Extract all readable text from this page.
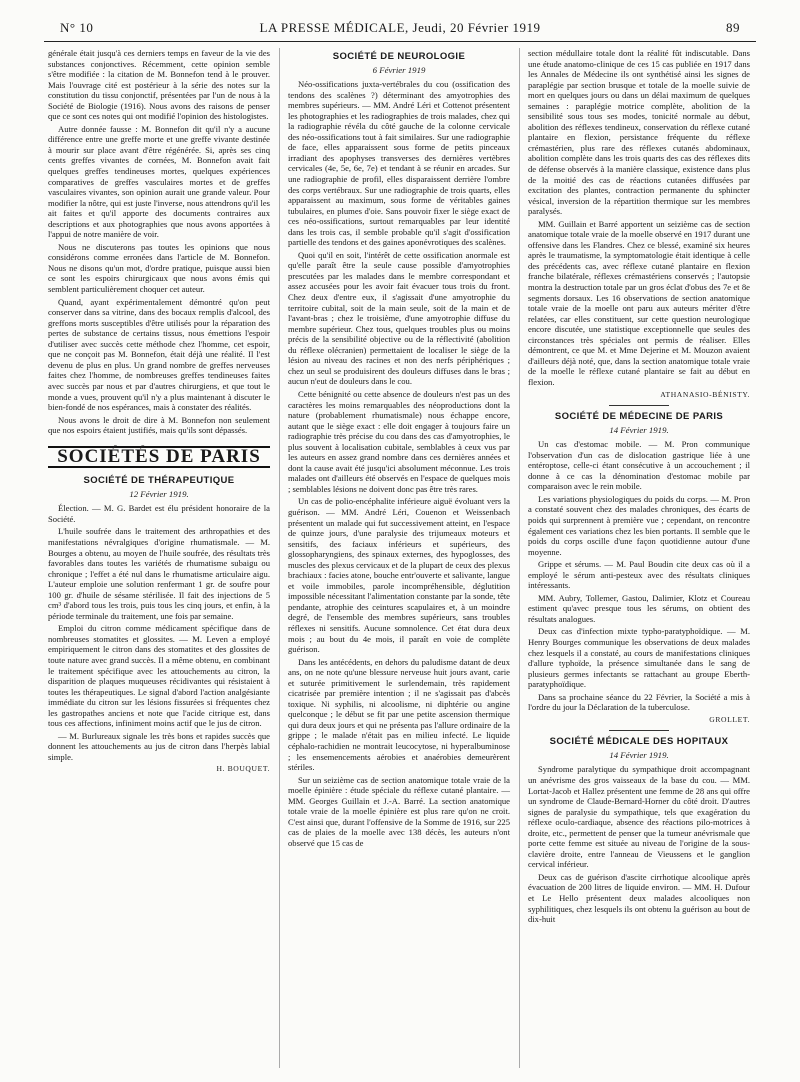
N° 10	LA PRESSE MÉDICALE, Jeudi, 20 Février 1919	89

générale était jusqu'à ces derniers temps en faveur de la vie des substances conjonctives. Récemment, cette opinion semble s'être modifiée : la citation de M. Bonnefon tend à le prouver. Mais l'ouvrage cité est postérieur à la série des notes sur la constitution du tissu conjonctif, présentées par l'un de nous à la Société de Biologie (1916). Nous avons des raisons de penser que ce sont ces notes qui ont modifié l'opinion des histologistes.

Autre donnée fausse : M. Bonnefon dit qu'il n'y a aucune différence entre une greffe morte et une greffe vivante destinée à mourir sur place avant d'être régénérée. Si, après ses cinq cents greffes vivantes de cornées, M. Bonnefon avait fait quelques greffes tendineuses mortes, quelques expériences comparatives de greffes vasculaires mortes et de greffes vasculaires vivantes, son opinion aurait une grande valeur. Pour modifier la nôtre, qui est juste l'inverse, nous attendrons qu'il les ait faites et qu'il apporte des documents contraires aux descriptions et aux photographies que nous avons apportées à l'appui de notre manière de voir.

Nous ne discuterons pas toutes les opinions que nous considérons comme erronées dans l'article de M. Bonnefon. Nous ne disons qu'un mot, d'ordre pratique, puisque aussi bien ce sont les espoirs chirurgicaux que nous avons émis qui semblent particulièrement choquer cet auteur.

Quand, ayant expérimentalement démontré qu'on peut conserver dans sa vitrine, dans des bocaux remplis d'alcool, des greffons morts susceptibles d'être utilisés pour la réparation des pertes de substance de certains tissus, nous émettions l'espoir d'utiliser avec succès cette méthode chez l'homme, cet espoir, que ne conçoit pas M. Bonnefon, était déjà une réalité. Il l'est devenu de plus en plus. Un grand nombre de greffes nerveuses faites chez l'homme, de nombreuses greffes tendineuses faites avec succès par nous et par d'autres chirurgiens, et que tout le monde a vues, prouvent qu'il n'y a plus maintenant à discuter le bien-fondé de nos espérances, mais à constater des réalités.

Nous avons le droit de dire à M. Bonnefon non seulement que nos espoirs étaient justifiés, mais qu'ils sont dépassés.

SOCIÉTÉS DE PARIS
SOCIÉTÉ DE THÉRAPEUTIQUE
12 Février 1919.

Élection. — M. G. Bardet est élu président honoraire de la Société.

L'huile soufrée dans le traitement des arthropathies et des manifestations névralgiques d'origine rhumatismale. — M. Bourges a obtenu, au moyen de l'huile soufrée, des résultats très favorables dans toutes les variétés de rhumatisme subaigu ou chronique ; l'effet a été nul dans le rhumatisme articulaire aigu. L'auteur emploie une solution renfermant 1 gr. de soufre pour 100 gr. d'huile de sésame stérilisée. Il fait des injections de 5 cm³ d'abord tous les trois, puis tous les cinq jours, et enfin, à la période terminale du traitement, une fois par semaine.

Emploi du citron comme médicament spécifique dans de nombreuses stomatites et glossites. — M. Leven a employé empiriquement le citron dans des stomatites et des glossites de toute nature avec grand succès. Il a même obtenu, en combinant le traitement spécifique avec les attouchements au citron, la disparition de plaques muqueuses récidivantes qui résistaient à toutes les thérapeutiques. Le signal d'abord l'action analgésiante immédiate du citron sur les lésions fissurées si fréquentes chez les gastropathes anciens et note que l'acide citrique est, dans tous ces affections, infiniment moins actif que le jus de citron.

— M. Burlureaux signale les très bons et rapides succès que donnent les attouchements au jus de citron dans l'herpès labial simple.

H. BOUQUET.
SOCIÉTÉ DE NEUROLOGIE
6 Février 1919

Néo-ossifications juxta-vertébrales du cou (ossification des tendons des scalènes ?) déterminant des amyotrophies des membres supérieurs. — MM. André Léri et Cottenot présentent les photographies et les radiographies de trois malades, chez qui la radiographie révéla du côté gauche de la colonne cervicale des néo-ossifications tout à fait similaires. Sur une radiographie de face, elles apparaissent sous forme de petits pinceaux irradiant des apophyses transverses des dernières vertèbres cervicales (4e, 5e, 6e, 7e) et tendant à se réunir en arcades. Sur une radiographie de profil, elles disparaissent derrière l'ombre des corps vertébraux. Sur une radiographie de trois quarts, elles apparaissent au maximum, sous forme de véritables gaines tubulaires, en plumes d'oie. Sans pouvoir fixer le siège exact de ces néo-ossifications, surtout remarquables par leur identité dans les trois cas, il semble probable qu'il s'agit d'ossification partielle des tendons et des gaines aponévrotiques des scalènes.

Quoi qu'il en soit, l'intérêt de cette ossification anormale est qu'elle paraît être la seule cause possible d'amyotrophies prescutées par les malades dans le membre correspondant et assez accusées pour les avoir fait évacuer tous trois du front. Chez deux d'entre eux, il s'agissait d'une amyotrophie du territoire cubital, soit de la main seule, soit de la main et de l'avant-bras ; chez le troisième, d'une amyotrophie diffuse du membre supérieur. Chez tous, quelques troubles plus ou moins précis de la sensibilité objective ou de la réflectivité (abolition du réflexe olécranien) permettaient de localiser le siège de la lésion au niveau des racines et non des nerfs périphériques ; chez un seul se produisirent des douleurs diffuses dans le bras ; aucun n'eut de douleurs dans le cou.

Cette bénignité ou cette absence de douleurs n'est pas un des caractères les moins remarquables des néoproductions dont la nature (probablement rhumatismale) nous échappe encore, autant que le siège exact : elle doit engager à toujours faire un radiographie très précise du cou dans des cas d'amyotrophies, le plus souvent à localisation cubitale, semblables à ceux vus par les auteurs en assez grand nombre dans ces dernières années et dont la cause avait été jusqu'ici absolument méconnue. Les trois malades ont d'ailleurs été observés en l'espace de quelques mois ; semblables lésions ne doivent donc pas être très rares.

Un cas de polio-encéphalite inférieure aiguë évoluant vers la guérison. — MM. André Léri, Couenon et Weissenbach présentent un malade qui fut successivement atteint, en l'espace de quinze jours, d'une paralysie des trijumeaux moteurs et sensitifs, des faciaux inférieurs et supérieurs, des glossopharyngiens, des spinaux externes, des hypoglosses, des muscles des plexus cervicaux et de la plupart de ceux des plexus brachiaux : facies atone, bouche entr'ouverte et salivante, langue et voile immobiles, parole incompréhensible, déglutition impossible nécessitant l'alimentation constante par la sonde, tête pendante, atrophie des ceintures scapulaires et, à un moindre degré, de l'ensemble des membres supérieurs, sans troubles réflexes ni sensitifs. Aucune somnolence. Cet état dura deux mois ; au bout du 4e mois, il paraît en voie de complète guérison.

Dans les antécédents, en dehors du paludisme datant de deux ans, on ne note qu'une blessure nerveuse huit jours avant, carie et suturée primitivement le surlendemain, très rapidement cicatrisée par première intention ; il ne s'agissait pas d'abcès toxique. Ni syphilis, ni alcoolisme, ni diphtérie ou angine quelconque ; le début se fit par une petite ascension thermique qui dura deux jours et qui ne présenta pas l'allure ordinaire de la grippe ; le malade n'était pas en milieu infecté. Le liquide céphalo-rachidien ne montrait leucocytose, ni hyperalbuminose ; les ensemencements aérobies et anaérobies demeurèrent stériles.

Sur un seizième cas de section anatomique totale vraie de la moelle épinière : étude spéciale du réflexe cutané plantaire. — MM. Georges Guillain et J.-A. Barré. La section anatomique totale vraie de la moelle épinière est plus rare qu'on ne croit. C'est ainsi que, durant l'offensive de la Somme de 1916, sur 225 cas de plaies de la moelle avec 138 décès, les auteurs n'ont observé que 15 cas de

section médullaire totale dont la réalité fût indiscutable. Dans une étude anatomo-clinique de ces 15 cas publiée en 1917 dans les Annales de Médecine ils ont synthétisé ainsi les signes de paraplégie par section brusque et totale de la moelle suivie de mort en quelques jours ou dans un délai maximum de quelques semaines : paraplégie motrice complète, abolition de la sensibilité sous tous ses modes, tonicité normale au début, abolition des réflexes tendineux, conservation du réflexe cutané plantaire en flexion, persistance fréquente du réflexe crémastérien, plus rare des réflexes cutanés abdominaux, abolition complète dans les trois quarts des cas des réflexes dits de défense observés à la manière classique, existence dans plus de la moitié des cas de réactions cutanées diffusées par excitation des plantes, contraction permanente du sphincter vésical, inversion de la répartition thermique sur les membres paralysés.

MM. Guillain et Barré apportent un seizième cas de section anatomique totale vraie de la moelle observé en 1917 durant une offensive dans les Flandres. Chez ce blessé, examiné six heures après le traumatisme, la symptomatologie était identique à celle des précédents cas, avec réflexe cutané plantaire en flexion franche bilatérale, réflexes crémastériens conservés ; l'autopsie montra la destruction totale par un gros éclat d'obus des 7e et 8e segments dorsaux. Les 16 observations de section anatomique totale vraie de la moelle ont paru aux auteurs mériter d'être relatées, car elles constituent, sur cette question neurologique encore discutée, une statistique exceptionnelle que seules des circonstances très spéciales ont permis de réaliser. Elles démontrent, ce que M. et Mme Dejerine et M. Mouzon avaient d'ailleurs déjà noté, que, dans la section anatomique totale vraie de la moelle le réflexe cutané plantaire se fait au début en flexion.

ATHANASIO-BÉNISTY.
SOCIÉTÉ DE MÉDECINE DE PARIS
14 Février 1919.

Un cas d'estomac mobile. — M. Pron communique l'observation d'un cas de dislocation gastrique liée à une entéroptose, celle-ci étant consécutive à un accouchement ; il donne à ce cas la dénomination d'estomac mobile par comparaison avec le rein mobile.

Les variations physiologiques du poids du corps. — M. Pron a constaté souvent chez des malades chroniques, des écarts de poids qui surprennent à première vue ; cependant, on rencontre également ces variations chez les bien portants. Il semble que le poids du corps oscille d'une façon quotidienne autour d'une moyenne.

Grippe et sérums. — M. Paul Boudin cite deux cas où il a employé le sérum anti-pesteux avec des résultats cliniques intéressants.

MM. Aubry, Tollemer, Gastou, Dalimier, Klotz et Coureau estiment qu'avec presque tous les sérums, on obtient des résultats analogues.

Deux cas d'infection mixte typho-paratyphoïdique. — M. Henry Bourges communique les observations de deux malades chez lesquels il a constaté, au cours de manifestations cliniques d'allure typhoïde, la présence simultanée dans le sang de plusieurs germes infectants se rattachant au groupe Eberth-paratyphoïdique.

Dans sa prochaine séance du 22 Février, la Société a mis à l'ordre du jour la Déclaration de la tuberculose.

GROLLET.
SOCIÉTÉ MÉDICALE DES HOPITAUX
14 Février 1919.

Syndrome paralytique du sympathique droit accompagnant un anévrisme des gros vaisseaux de la base du cou. — MM. Lortat-Jacob et Hallez présentent une femme de 28 ans qui offre un syndrome de Claude-Bernard-Horner du côté droit. D'autres signes de paralysie du sympathique, tels que exagération du réflexe oculo-cardiaque, absence des réactions pilo-motrices à droite, etc., permettent de penser que la tumeur anévrismale que porte cette femme est située au niveau de l'origine de la sous-clavière droite, entre l'anneau de Vieussens et le ganglion cervical inférieur.

Deux cas de guérison d'ascite cirrhotique alcoolique après évacuation de 200 litres de liquide environ. — MM. H. Dufour et Le Hello présentent deux malades alcooliques non syphilitiques, chez lesquels ils ont obtenu la guérison au bout de dix-huit
